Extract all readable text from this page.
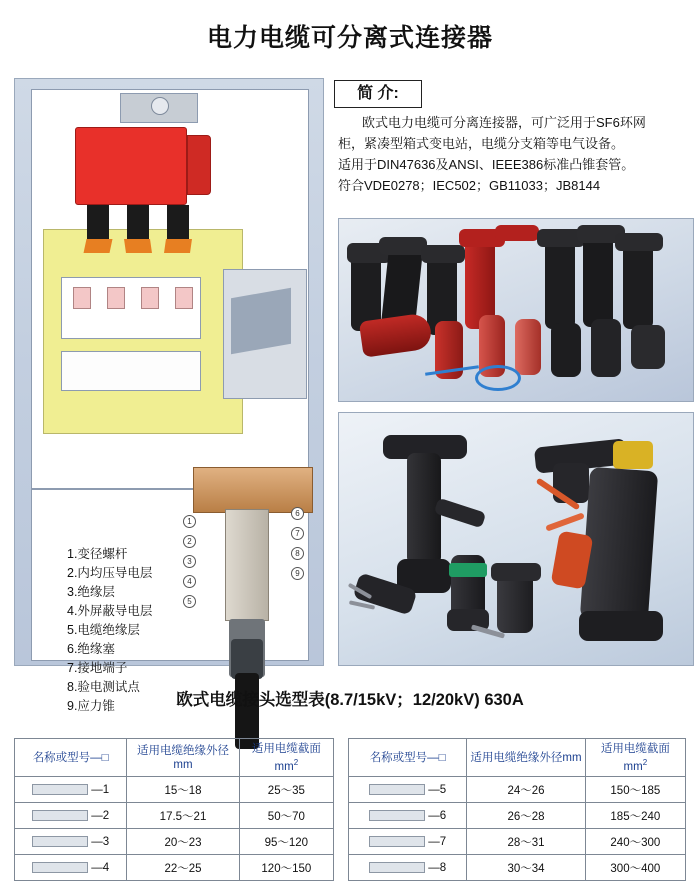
电力电缆可分离式连接器
1
2
3
4
5
6
7
8
9
1.变径螺杆
2.内均压导电层
3.绝缘层
4.外屏蔽导电层
5.电缆绝缘层
6.绝缘塞
7.接地端子
8.验电测试点
9.应力锥
简 介:

欧式电力电缆可分离连接器，可广泛用于SF6环网

柜，紧凑型箱式变电站，电缆分支箱等电气设备。

适用于DIN47636及ANSI、IEEE386标准凸锥套管。

符合VDE0278；IEC502；GB11033；JB8144

欧式电缆接头选型表(8.7/15kV；12/20kV) 630A
名称或型号—□	适用电缆绝缘外径mm	适用电缆截面
$mm^2$
—1	15～18	25～35
—2	17.5～21	50～70
—3	20～23	95～120
—4	22～25	120～150
名称或型号—□	适用电缆绝缘外径mm	适用电缆截面
$mm^2$
—5	24～26	150～185
—6	26～28	185～240
—7	28～31	240～300
—8	30～34	300～400
